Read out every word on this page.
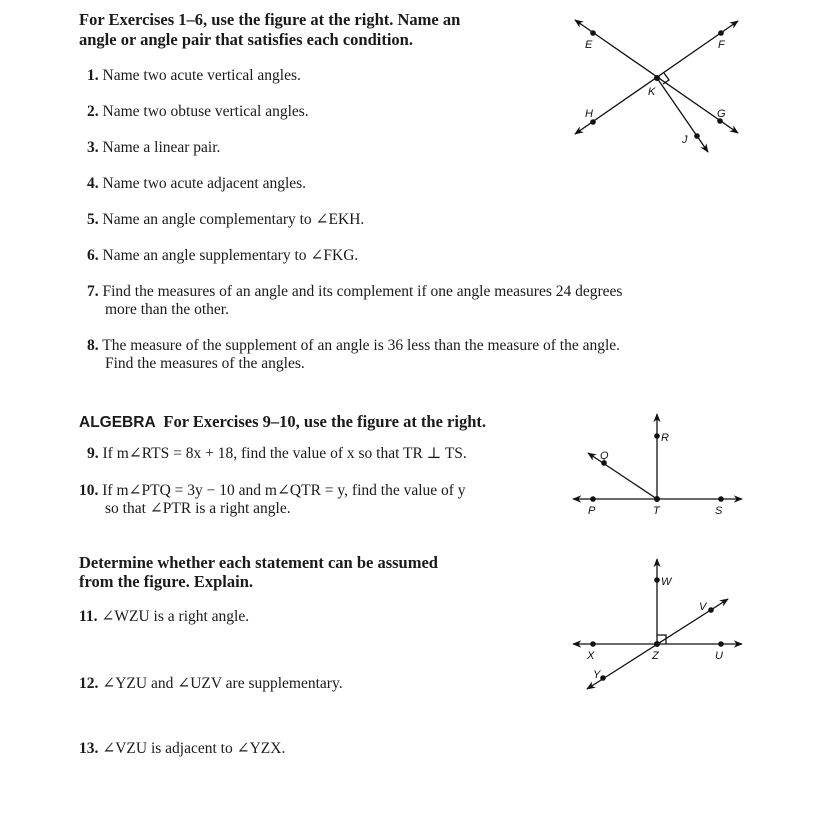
For Exercises 1–6, use the figure at the right. Name an
angle or angle pair that satisfies each condition.
1. Name two acute vertical angles.
2. Name two obtuse vertical angles.
3. Name a linear pair.
4. Name two acute adjacent angles.
5. Name an angle complementary to ∠EKH.
6. Name an angle supplementary to ∠FKG.
7. Find the measures of an angle and its complement if one angle measures 24 degrees
more than the other.
8. The measure of the supplement of an angle is 36 less than the measure of the angle.
Find the measures of the angles.
ALGEBRA For Exercises 9–10, use the figure at the right.
9. If m∠RTS = 8x + 18, find the value of x so that TR ⊥ TS.
10. If m∠PTQ = 3y − 10 and m∠QTR = y, find the value of y
so that ∠PTR is a right angle.
Determine whether each statement can be assumed
from the figure. Explain.
11. ∠WZU is a right angle.
12. ∠YZU and ∠UZV are supplementary.
13. ∠VZU is adjacent to ∠YZX.
E	F
K
H	G
J
R
Q
P	T	S
W
V
X	Z	U
Y
